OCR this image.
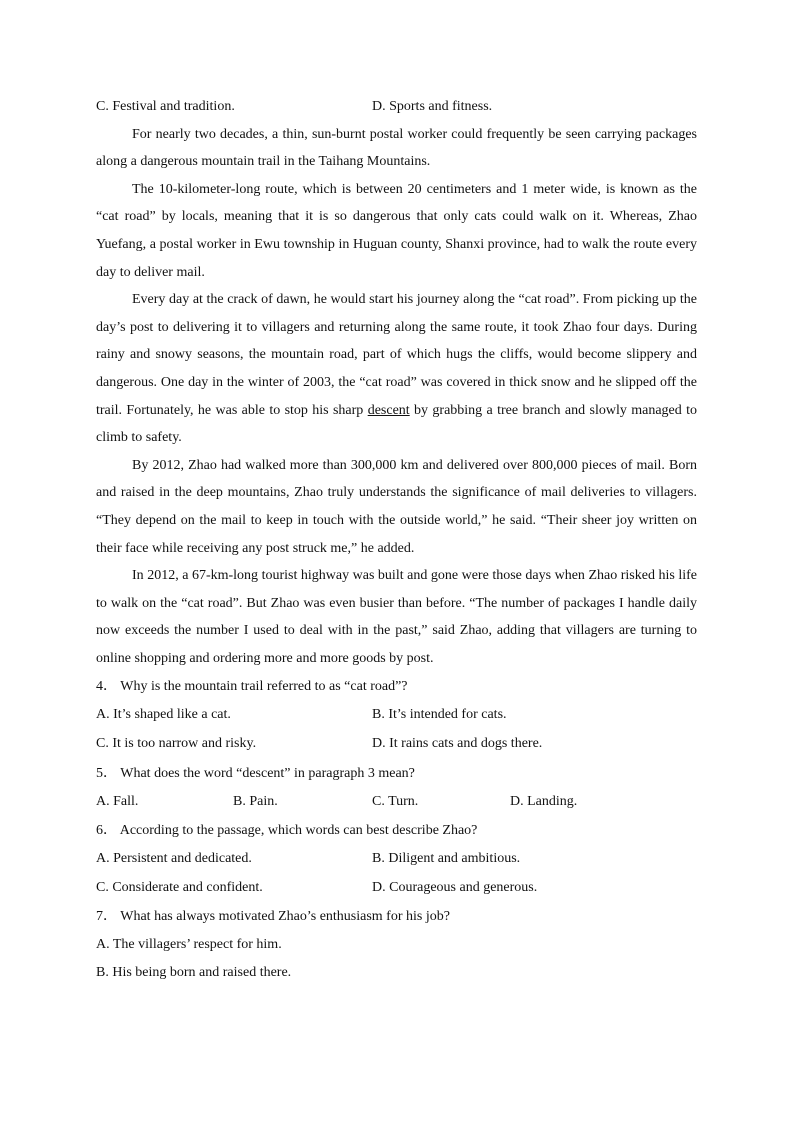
C. Festival and tradition.	D. Sports and fitness.

For nearly two decades, a thin, sun-burnt postal worker could frequently be seen carrying packages along a dangerous mountain trail in the Taihang Mountains.

The 10-kilometer-long route, which is between 20 centimeters and 1 meter wide, is known as the “cat road” by locals, meaning that it is so dangerous that only cats could walk on it. Whereas, Zhao Yuefang, a postal worker in Ewu township in Huguan county, Shanxi province, had to walk the route every day to deliver mail.

Every day at the crack of dawn, he would start his journey along the “cat road”. From picking up the day’s post to delivering it to villagers and returning along the same route, it took Zhao four days. During rainy and snowy seasons, the mountain road, part of which hugs the cliffs, would become slippery and dangerous. One day in the winter of 2003, the “cat road” was covered in thick snow and he slipped off the trail. Fortunately, he was able to stop his sharp descent by grabbing a tree branch and slowly managed to climb to safety.

By 2012, Zhao had walked more than 300,000 km and delivered over 800,000 pieces of mail. Born and raised in the deep mountains, Zhao truly understands the significance of mail deliveries to villagers. “They depend on the mail to keep in touch with the outside world,” he said. “Their sheer joy written on their face while receiving any post struck me,” he added.

In 2012, a 67-km-long tourist highway was built and gone were those days when Zhao risked his life to walk on the “cat road”. But Zhao was even busier than before. “The number of packages I handle daily now exceeds the number I used to deal with in the past,” said Zhao, adding that villagers are turning to online shopping and ordering more and more goods by post.

4． Why is the mountain trail referred to as “cat road”?
A. It’s shaped like a cat.	B. It’s intended for cats.
C. It is too narrow and risky.	D. It rains cats and dogs there.
5． What does the word “descent” in paragraph 3 mean?
A. Fall.	B. Pain.	C. Turn.	D. Landing.
6． According to the passage, which words can best describe Zhao?
A. Persistent and dedicated.	B. Diligent and ambitious.
C. Considerate and confident.	D. Courageous and generous.
7． What has always motivated Zhao’s enthusiasm for his job?
A. The villagers’ respect for him.
B. His being born and raised there.
